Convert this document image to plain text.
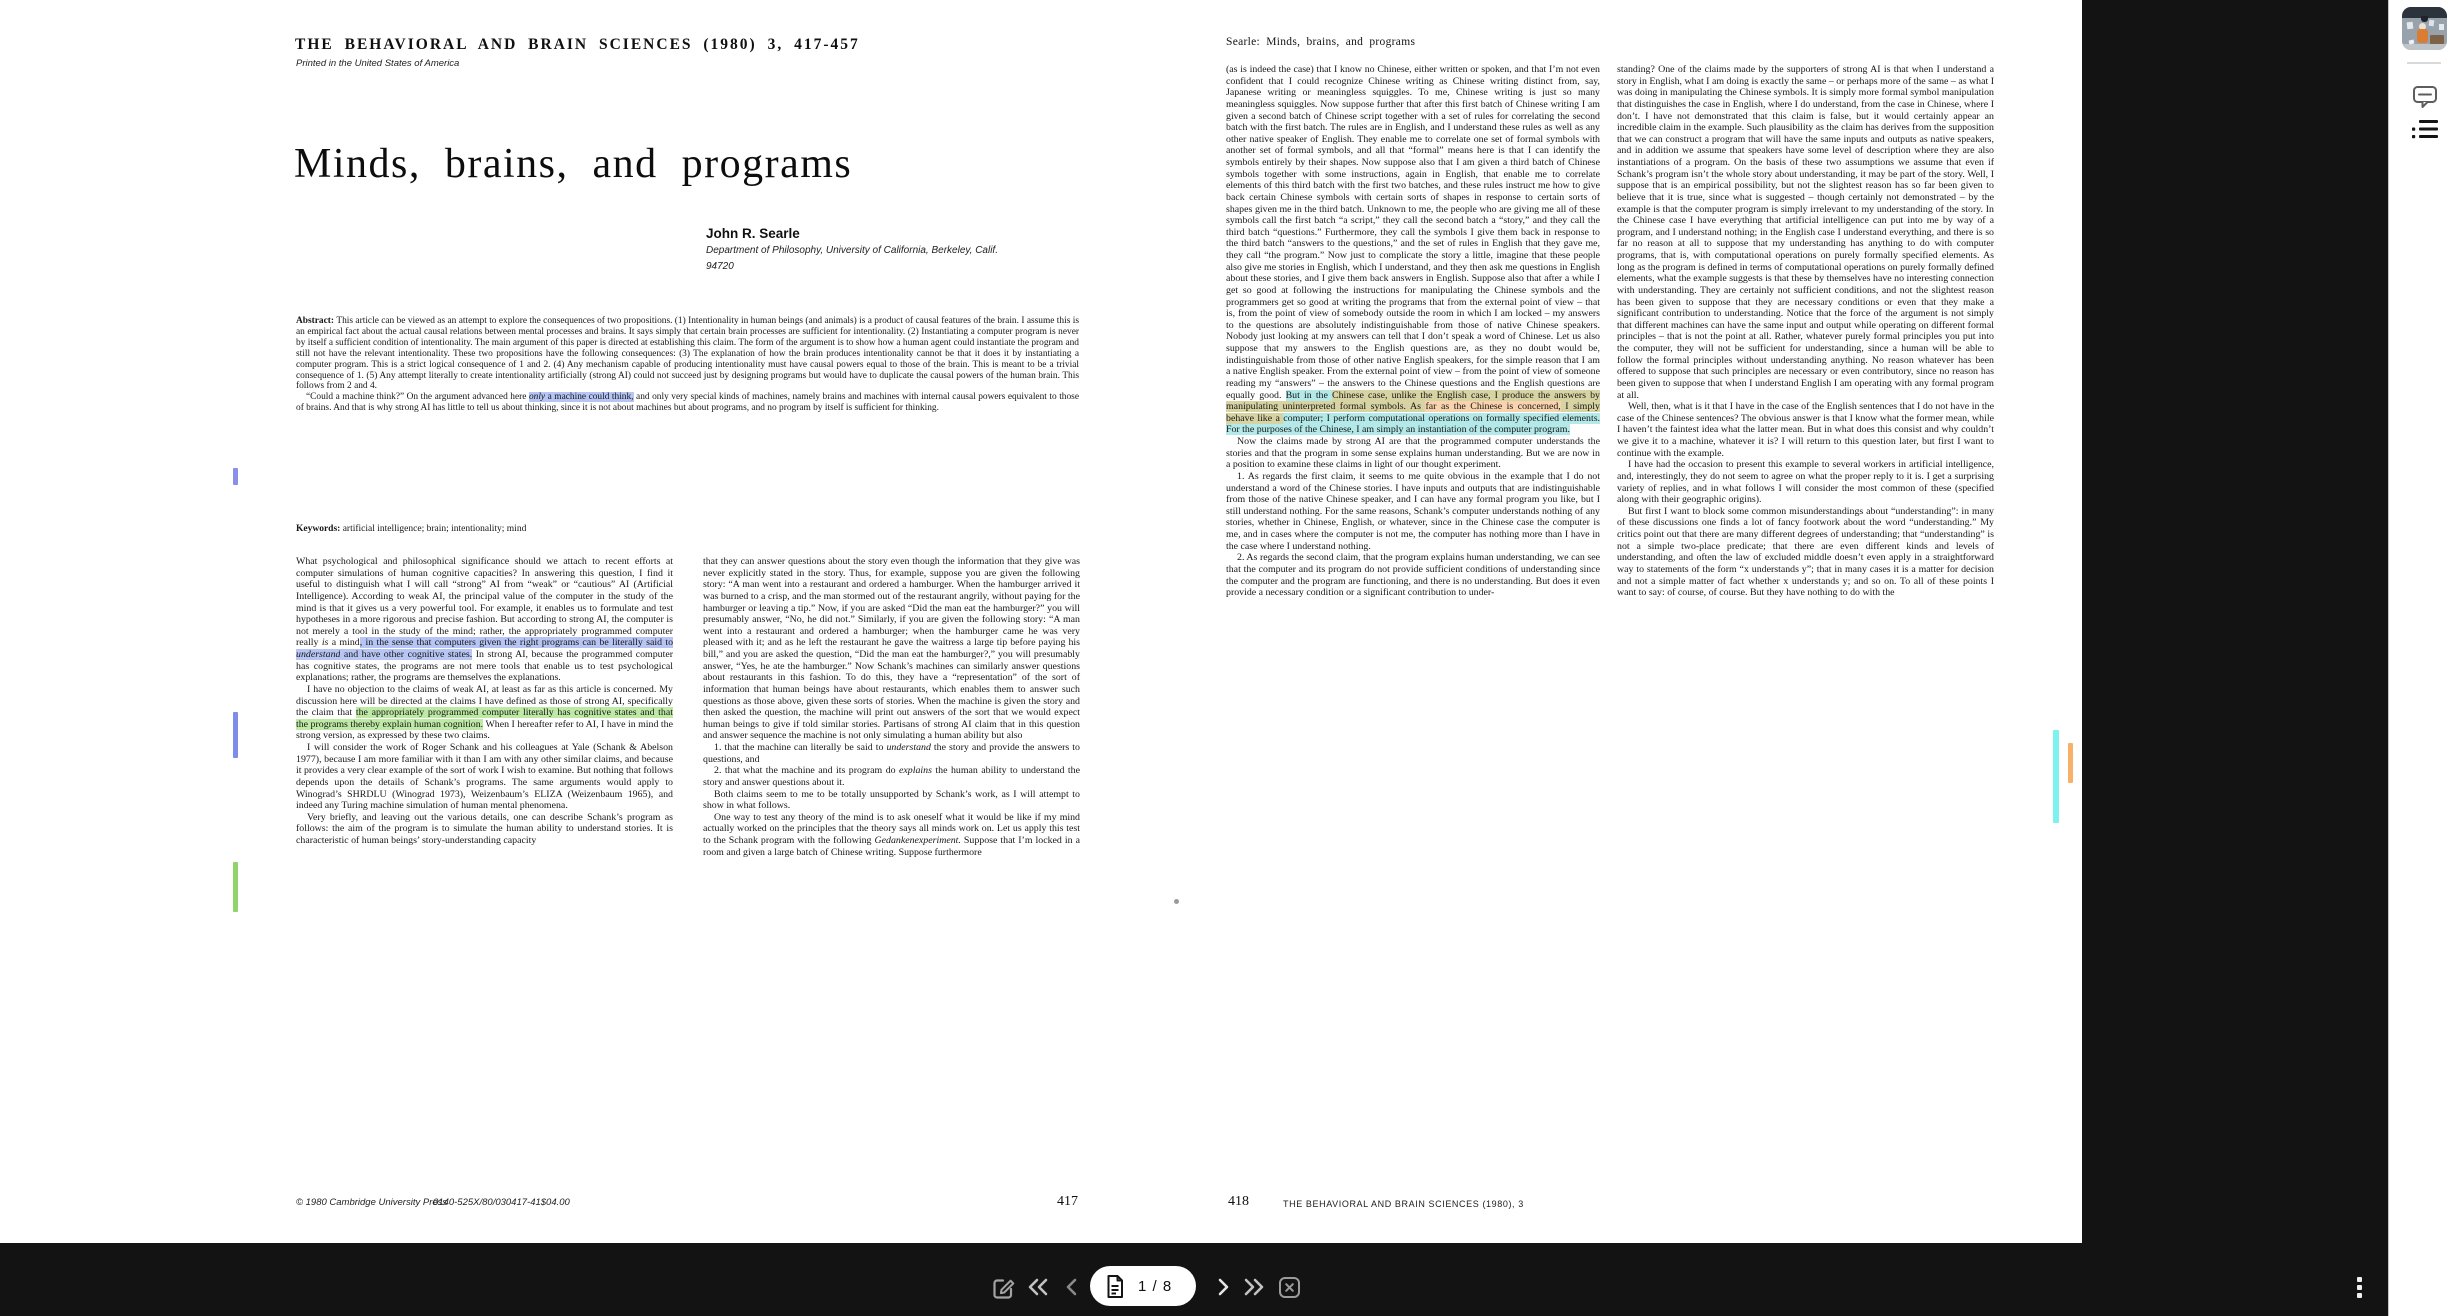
THE BEHAVIORAL AND BRAIN SCIENCES (1980) 3, 417-457
Printed in the United States of America
Minds, brains, and programs
John R. Searle
Department of Philosophy, University of California, Berkeley, Calif.
94720

Abstract: This article can be viewed as an attempt to explore the consequences of two propositions. (1) Intentionality in human beings (and animals) is a product of causal features of the brain. I assume this is an empirical fact about the actual causal relations between mental processes and brains. It says simply that certain brain processes are sufficient for intentionality. (2) Instantiating a computer program is never by itself a sufficient condition of intentionality. The main argument of this paper is directed at establishing this claim. The form of the argument is to show how a human agent could instantiate the program and still not have the relevant intentionality. These two propositions have the following consequences: (3) The explanation of how the brain produces intentionality cannot be that it does it by instantiating a computer program. This is a strict logical consequence of 1 and 2. (4) Any mechanism capable of producing intentionality must have causal powers equal to those of the brain. This is meant to be a trivial consequence of 1. (5) Any attempt literally to create intentionality artificially (strong AI) could not succeed just by designing programs but would have to duplicate the causal powers of the human brain. This follows from 2 and 4.

“Could a machine think?” On the argument advanced here only a machine could think, and only very special kinds of machines, namely brains and machines with internal causal powers equivalent to those of brains. And that is why strong AI has little to tell us about thinking, since it is not about machines but about programs, and no program by itself is sufficient for thinking.

Keywords: artificial intelligence; brain; intentionality; mind

What psychological and philosophical significance should we attach to recent efforts at computer simulations of human cognitive capacities? In answering this question, I find it useful to distinguish what I will call “strong” AI from “weak” or “cautious” AI (Artificial Intelligence). According to weak AI, the principal value of the computer in the study of the mind is that it gives us a very powerful tool. For example, it enables us to formulate and test hypotheses in a more rigorous and precise fashion. But according to strong AI, the computer is not merely a tool in the study of the mind; rather, the appropriately programmed computer really is a mind, in the sense that computers given the right programs can be literally said to understand and have other cognitive states. In strong AI, because the programmed computer has cognitive states, the programs are not mere tools that enable us to test psychological explanations; rather, the programs are themselves the explanations.

I have no objection to the claims of weak AI, at least as far as this article is concerned. My discussion here will be directed at the claims I have defined as those of strong AI, specifically the claim that the appropriately programmed computer literally has cognitive states and that the programs thereby explain human cognition. When I hereafter refer to AI, I have in mind the strong version, as expressed by these two claims.

I will consider the work of Roger Schank and his colleagues at Yale (Schank & Abelson 1977), because I am more familiar with it than I am with any other similar claims, and because it provides a very clear example of the sort of work I wish to examine. But nothing that follows depends upon the details of Schank’s programs. The same arguments would apply to Winograd’s SHRDLU (Winograd 1973), Weizenbaum’s ELIZA (Weizenbaum 1965), and indeed any Turing machine simulation of human mental phenomena.

Very briefly, and leaving out the various details, one can describe Schank’s program as follows: the aim of the program is to simulate the human ability to understand stories. It is characteristic of human beings’ story-understanding capacity

that they can answer questions about the story even though the information that they give was never explicitly stated in the story. Thus, for example, suppose you are given the following story: “A man went into a restaurant and ordered a hamburger. When the hamburger arrived it was burned to a crisp, and the man stormed out of the restaurant angrily, without paying for the hamburger or leaving a tip.” Now, if you are asked “Did the man eat the hamburger?” you will presumably answer, “No, he did not.” Similarly, if you are given the following story: “A man went into a restaurant and ordered a hamburger; when the hamburger came he was very pleased with it; and as he left the restaurant he gave the waitress a large tip before paying his bill,” and you are asked the question, “Did the man eat the hamburger?,” you will presumably answer, “Yes, he ate the hamburger.” Now Schank’s machines can similarly answer questions about restaurants in this fashion. To do this, they have a “representation” of the sort of information that human beings have about restaurants, which enables them to answer such questions as those above, given these sorts of stories. When the machine is given the story and then asked the question, the machine will print out answers of the sort that we would expect human beings to give if told similar stories. Partisans of strong AI claim that in this question and answer sequence the machine is not only simulating a human ability but also

1. that the machine can literally be said to understand the story and provide the answers to questions, and

2. that what the machine and its program do explains the human ability to understand the story and answer questions about it.

Both claims seem to me to be totally unsupported by Schank’s work, as I will attempt to show in what follows.

One way to test any theory of the mind is to ask oneself what it would be like if my mind actually worked on the principles that the theory says all minds work on. Let us apply this test to the Schank program with the following Gedankenexperiment. Suppose that I’m locked in a room and given a large batch of Chinese writing. Suppose furthermore

© 1980 Cambridge University Press
0140-525X/80/030417-41$04.00	417
Searle: Minds, brains, and programs

(as is indeed the case) that I know no Chinese, either written or spoken, and that I’m not even confident that I could recognize Chinese writing as Chinese writing distinct from, say, Japanese writing or meaningless squiggles. To me, Chinese writing is just so many meaningless squiggles. Now suppose further that after this first batch of Chinese writing I am given a second batch of Chinese script together with a set of rules for correlating the second batch with the first batch. The rules are in English, and I understand these rules as well as any other native speaker of English. They enable me to correlate one set of formal symbols with another set of formal symbols, and all that “formal” means here is that I can identify the symbols entirely by their shapes. Now suppose also that I am given a third batch of Chinese symbols together with some instructions, again in English, that enable me to correlate elements of this third batch with the first two batches, and these rules instruct me how to give back certain Chinese symbols with certain sorts of shapes in response to certain sorts of shapes given me in the third batch. Unknown to me, the people who are giving me all of these symbols call the first batch “a script,” they call the second batch a “story,” and they call the third batch “questions.” Furthermore, they call the symbols I give them back in response to the third batch “answers to the questions,” and the set of rules in English that they gave me, they call “the program.” Now just to complicate the story a little, imagine that these people also give me stories in English, which I understand, and they then ask me questions in English about these stories, and I give them back answers in English. Suppose also that after a while I get so good at following the instructions for manipulating the Chinese symbols and the programmers get so good at writing the programs that from the external point of view – that is, from the point of view of somebody outside the room in which I am locked – my answers to the questions are absolutely indistinguishable from those of native Chinese speakers. Nobody just looking at my answers can tell that I don’t speak a word of Chinese. Let us also suppose that my answers to the English questions are, as they no doubt would be, indistinguishable from those of other native English speakers, for the simple reason that I am a native English speaker. From the external point of view – from the point of view of someone reading my “answers” – the answers to the Chinese questions and the English questions are equally good. But in the Chinese case, unlike the English case, I produce the answers by manipulating uninterpreted formal symbols. As far as the Chinese is concerned, I simply behave like a computer; I perform computational operations on formally specified elements. For the purposes of the Chinese, I am simply an instantiation of the computer program.

Now the claims made by strong AI are that the programmed computer understands the stories and that the program in some sense explains human understanding. But we are now in a position to examine these claims in light of our thought experiment.

1. As regards the first claim, it seems to me quite obvious in the example that I do not understand a word of the Chinese stories. I have inputs and outputs that are indistinguishable from those of the native Chinese speaker, and I can have any formal program you like, but I still understand nothing. For the same reasons, Schank’s computer understands nothing of any stories, whether in Chinese, English, or whatever, since in the Chinese case the computer is me, and in cases where the computer is not me, the computer has nothing more than I have in the case where I understand nothing.

2. As regards the second claim, that the program explains human understanding, we can see that the computer and its program do not provide sufficient conditions of understanding since the computer and the program are functioning, and there is no understanding. But does it even provide a necessary condition or a significant contribution to under-

standing? One of the claims made by the supporters of strong AI is that when I understand a story in English, what I am doing is exactly the same – or perhaps more of the same – as what I was doing in manipulating the Chinese symbols. It is simply more formal symbol manipulation that distinguishes the case in English, where I do understand, from the case in Chinese, where I don’t. I have not demonstrated that this claim is false, but it would certainly appear an incredible claim in the example. Such plausibility as the claim has derives from the supposition that we can construct a program that will have the same inputs and outputs as native speakers, and in addition we assume that speakers have some level of description where they are also instantiations of a program. On the basis of these two assumptions we assume that even if Schank’s program isn’t the whole story about understanding, it may be part of the story. Well, I suppose that is an empirical possibility, but not the slightest reason has so far been given to believe that it is true, since what is suggested – though certainly not demonstrated – by the example is that the computer program is simply irrelevant to my understanding of the story. In the Chinese case I have everything that artificial intelligence can put into me by way of a program, and I understand nothing; in the English case I understand everything, and there is so far no reason at all to suppose that my understanding has anything to do with computer programs, that is, with computational operations on purely formally specified elements. As long as the program is defined in terms of computational operations on purely formally defined elements, what the example suggests is that these by themselves have no interesting connection with understanding. They are certainly not sufficient conditions, and not the slightest reason has been given to suppose that they are necessary conditions or even that they make a significant contribution to understanding. Notice that the force of the argument is not simply that different machines can have the same input and output while operating on different formal principles – that is not the point at all. Rather, whatever purely formal principles you put into the computer, they will not be sufficient for understanding, since a human will be able to follow the formal principles without understanding anything. No reason whatever has been offered to suppose that such principles are necessary or even contributory, since no reason has been given to suppose that when I understand English I am operating with any formal program at all.

Well, then, what is it that I have in the case of the English sentences that I do not have in the case of the Chinese sentences? The obvious answer is that I know what the former mean, while I haven’t the faintest idea what the latter mean. But in what does this consist and why couldn’t we give it to a machine, whatever it is? I will return to this question later, but first I want to continue with the example.

I have had the occasion to present this example to several workers in artificial intelligence, and, interestingly, they do not seem to agree on what the proper reply to it is. I get a surprising variety of replies, and in what follows I will consider the most common of these (specified along with their geographic origins).

But first I want to block some common misunderstandings about “understanding”: in many of these discussions one finds a lot of fancy footwork about the word “understanding.” My critics point out that there are many different degrees of understanding; that “understanding” is not a simple two-place predicate; that there are even different kinds and levels of understanding, and often the law of excluded middle doesn’t even apply in a straightforward way to statements of the form “x understands y”; that in many cases it is a matter for decision and not a simple matter of fact whether x understands y; and so on. To all of these points I want to say: of course, of course. But they have nothing to do with the

418	THE BEHAVIORAL AND BRAIN SCIENCES (1980), 3
1 / 8
